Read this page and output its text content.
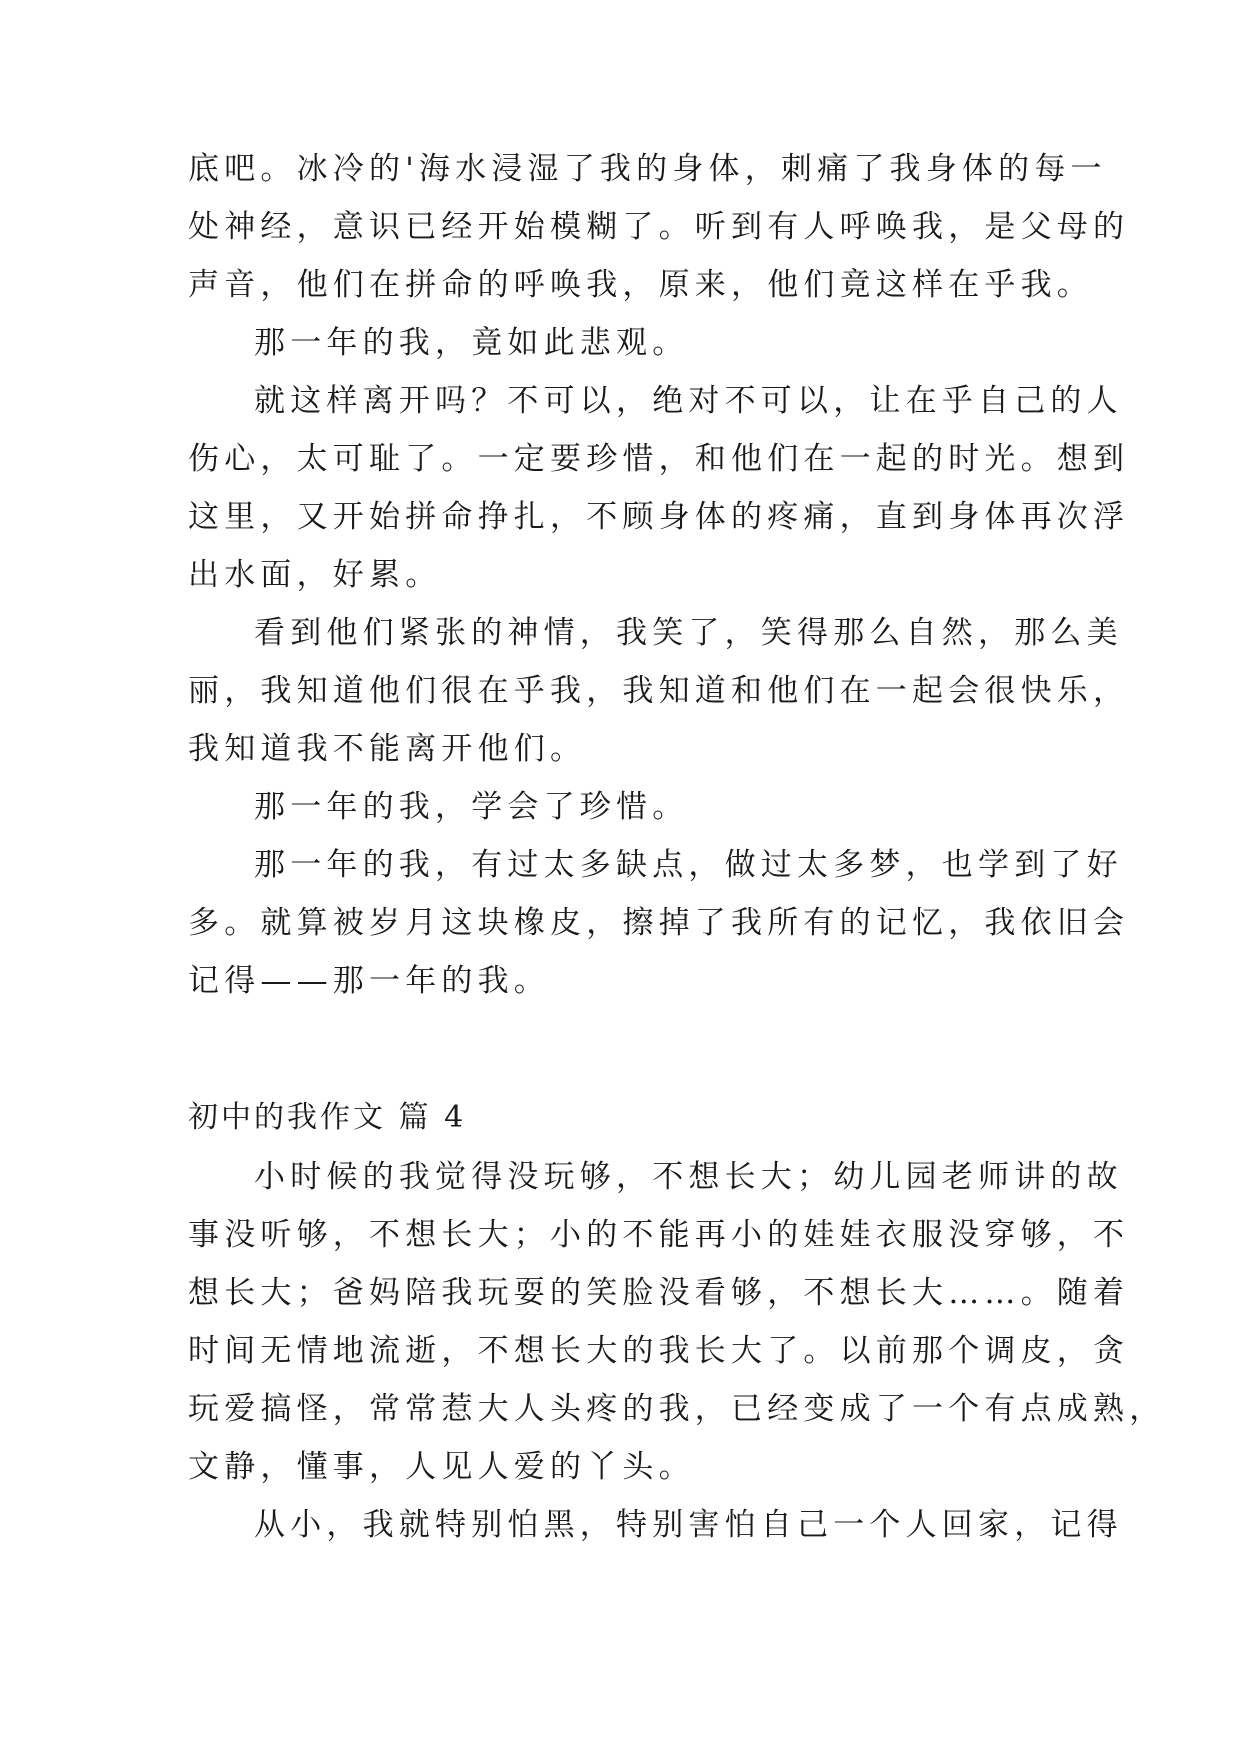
底吧。冰冷的'海水浸湿了我的身体，刺痛了我身体的每一
处神经，意识已经开始模糊了。听到有人呼唤我，是父母的
声音，他们在拼命的呼唤我，原来，他们竟这样在乎我。
那一年的我，竟如此悲观。
就这样离开吗？不可以，绝对不可以，让在乎自己的人
伤心，太可耻了。一定要珍惜，和他们在一起的时光。想到
这里，又开始拼命挣扎，不顾身体的疼痛，直到身体再次浮
出水面，好累。
看到他们紧张的神情，我笑了，笑得那么自然，那么美
丽，我知道他们很在乎我，我知道和他们在一起会很快乐，
我知道我不能离开他们。
那一年的我，学会了珍惜。
那一年的我，有过太多缺点，做过太多梦，也学到了好
多。就算被岁月这块橡皮，擦掉了我所有的记忆，我依旧会
记得——那一年的我。
初中的我作文 篇 4
小时候的我觉得没玩够，不想长大；幼儿园老师讲的故
事没听够，不想长大；小的不能再小的娃娃衣服没穿够，不
想长大；爸妈陪我玩耍的笑脸没看够，不想长大……。随着
时间无情地流逝，不想长大的我长大了。以前那个调皮，贪
玩爱搞怪，常常惹大人头疼的我，已经变成了一个有点成熟，
文静，懂事，人见人爱的丫头。
从小，我就特别怕黑，特别害怕自己一个人回家，记得
